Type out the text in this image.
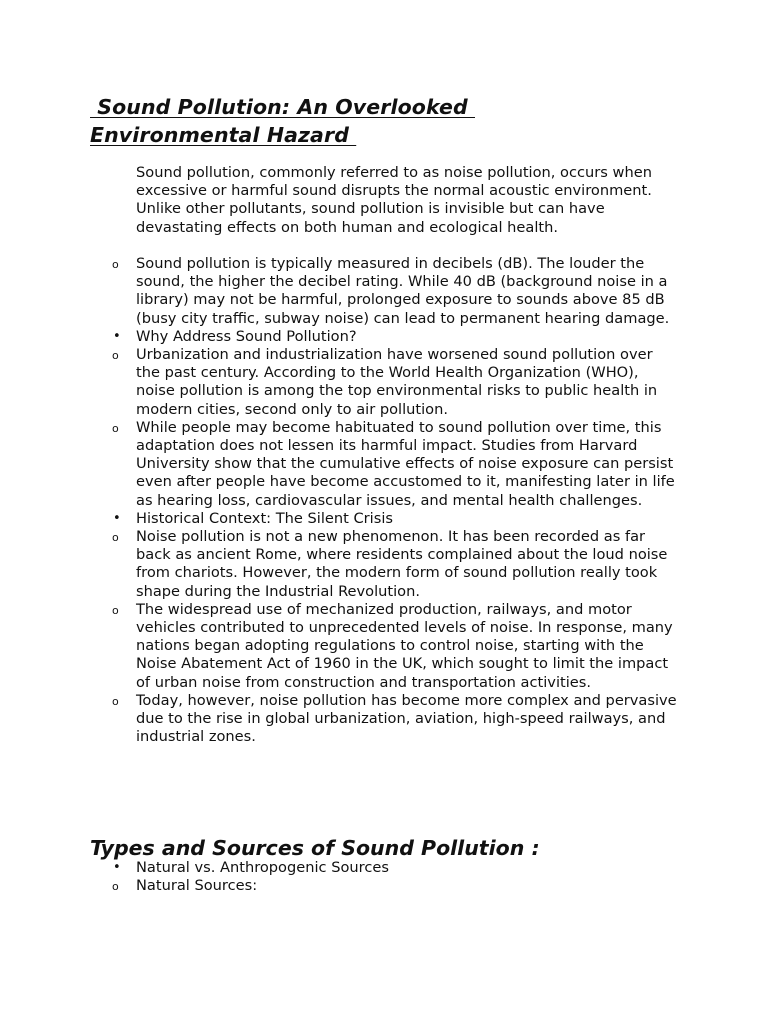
Sound Pollution: An Overlooked
Environmental Hazard

Sound pollution, commonly referred to as noise pollution, occurs when excessive or harmful sound disrupts the normal acoustic environment. Unlike other pollutants, sound pollution is invisible but can have devastating effects on both human and ecological health.

o	Sound pollution is typically measured in decibels (dB). The louder the sound, the higher the decibel rating. While 40 dB (background noise in a library) may not be harmful, prolonged exposure to sounds above 85 dB (busy city traffic, subway noise) can lead to permanent hearing damage.
•	Why Address Sound Pollution?
o	Urbanization and industrialization have worsened sound pollution over the past century. According to the World Health Organization (WHO), noise pollution is among the top environmental risks to public health in modern cities, second only to air pollution.
o	While people may become habituated to sound pollution over time, this adaptation does not lessen its harmful impact. Studies from Harvard University show that the cumulative effects of noise exposure can persist even after people have become accustomed to it, manifesting later in life as hearing loss, cardiovascular issues, and mental health challenges.
•	Historical Context: The Silent Crisis
o	Noise pollution is not a new phenomenon. It has been recorded as far back as ancient Rome, where residents complained about the loud noise from chariots. However, the modern form of sound pollution really took shape during the Industrial Revolution.
o	The widespread use of mechanized production, railways, and motor vehicles contributed to unprecedented levels of noise. In response, many nations began adopting regulations to control noise, starting with the Noise Abatement Act of 1960 in the UK, which sought to limit the impact of urban noise from construction and transportation activities.
o	Today, however, noise pollution has become more complex and pervasive due to the rise in global urbanization, aviation, high-speed railways, and industrial zones.
Types and Sources of Sound Pollution :
•	Natural vs. Anthropogenic Sources
o	Natural Sources:
